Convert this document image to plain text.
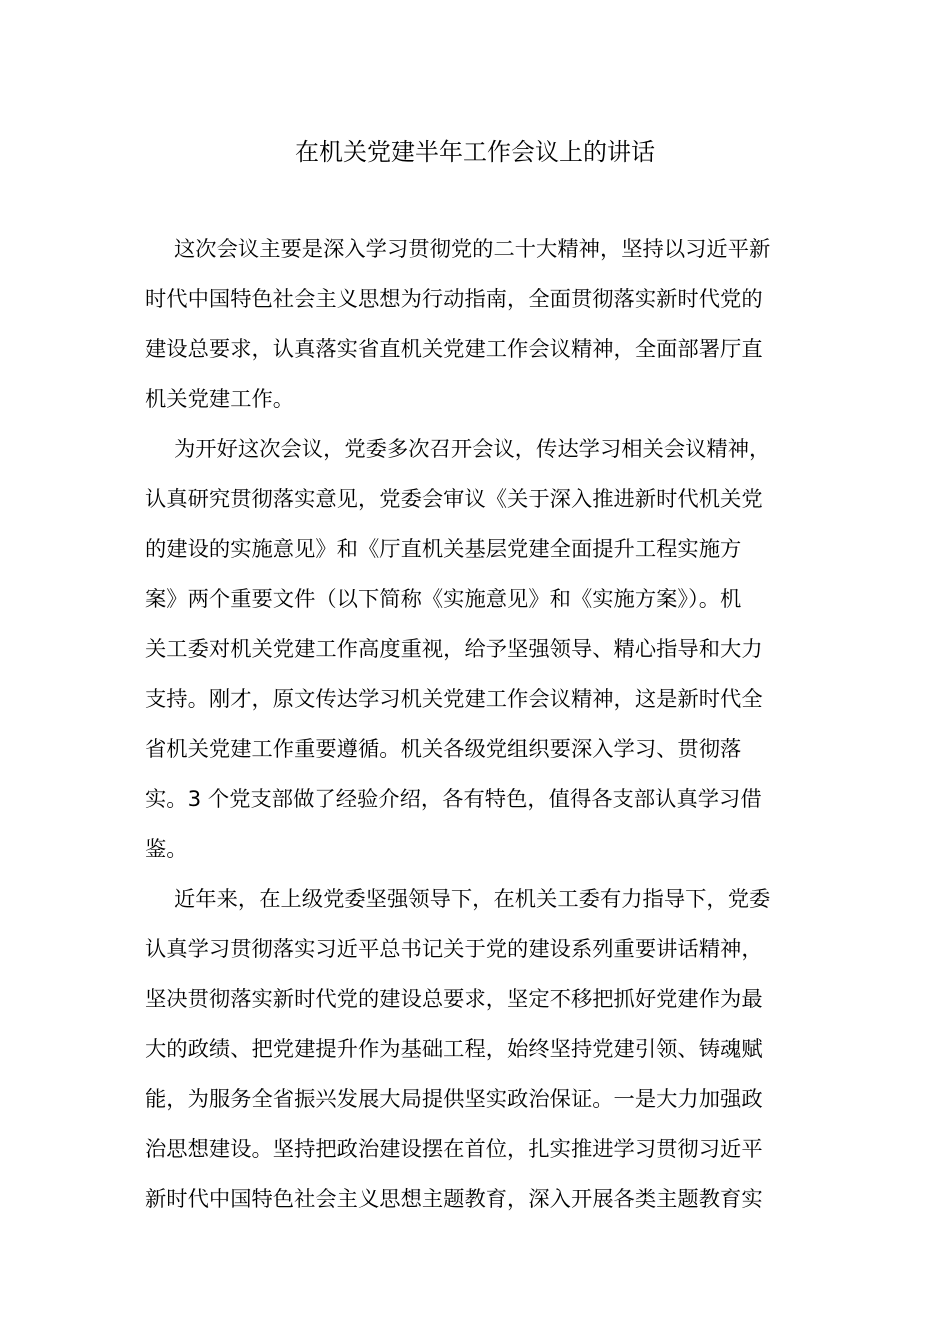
在机关党建半年工作会议上的讲话
这次会议主要是深入学习贯彻党的二十大精神，坚持以习近平新
时代中国特色社会主义思想为行动指南，全面贯彻落实新时代党的
建设总要求，认真落实省直机关党建工作会议精神，全面部署厅直
机关党建工作。
为开好这次会议，党委多次召开会议，传达学习相关会议精神，
认真研究贯彻落实意见，党委会审议《关于深入推进新时代机关党
的建设的实施意见》和《厅直机关基层党建全面提升工程实施方
案》两个重要文件（以下简称《实施意见》和《实施方案》）。机
关工委对机关党建工作高度重视，给予坚强领导、精心指导和大力
支持。刚才，原文传达学习机关党建工作会议精神，这是新时代全
省机关党建工作重要遵循。机关各级党组织要深入学习、贯彻落
实。3 个党支部做了经验介绍，各有特色，值得各支部认真学习借
鉴。
近年来，在上级党委坚强领导下，在机关工委有力指导下，党委
认真学习贯彻落实习近平总书记关于党的建设系列重要讲话精神，
坚决贯彻落实新时代党的建设总要求，坚定不移把抓好党建作为最
大的政绩、把党建提升作为基础工程，始终坚持党建引领、铸魂赋
能，为服务全省振兴发展大局提供坚实政治保证。一是大力加强政
治思想建设。坚持把政治建设摆在首位，扎实推进学习贯彻习近平
新时代中国特色社会主义思想主题教育，深入开展各类主题教育实
